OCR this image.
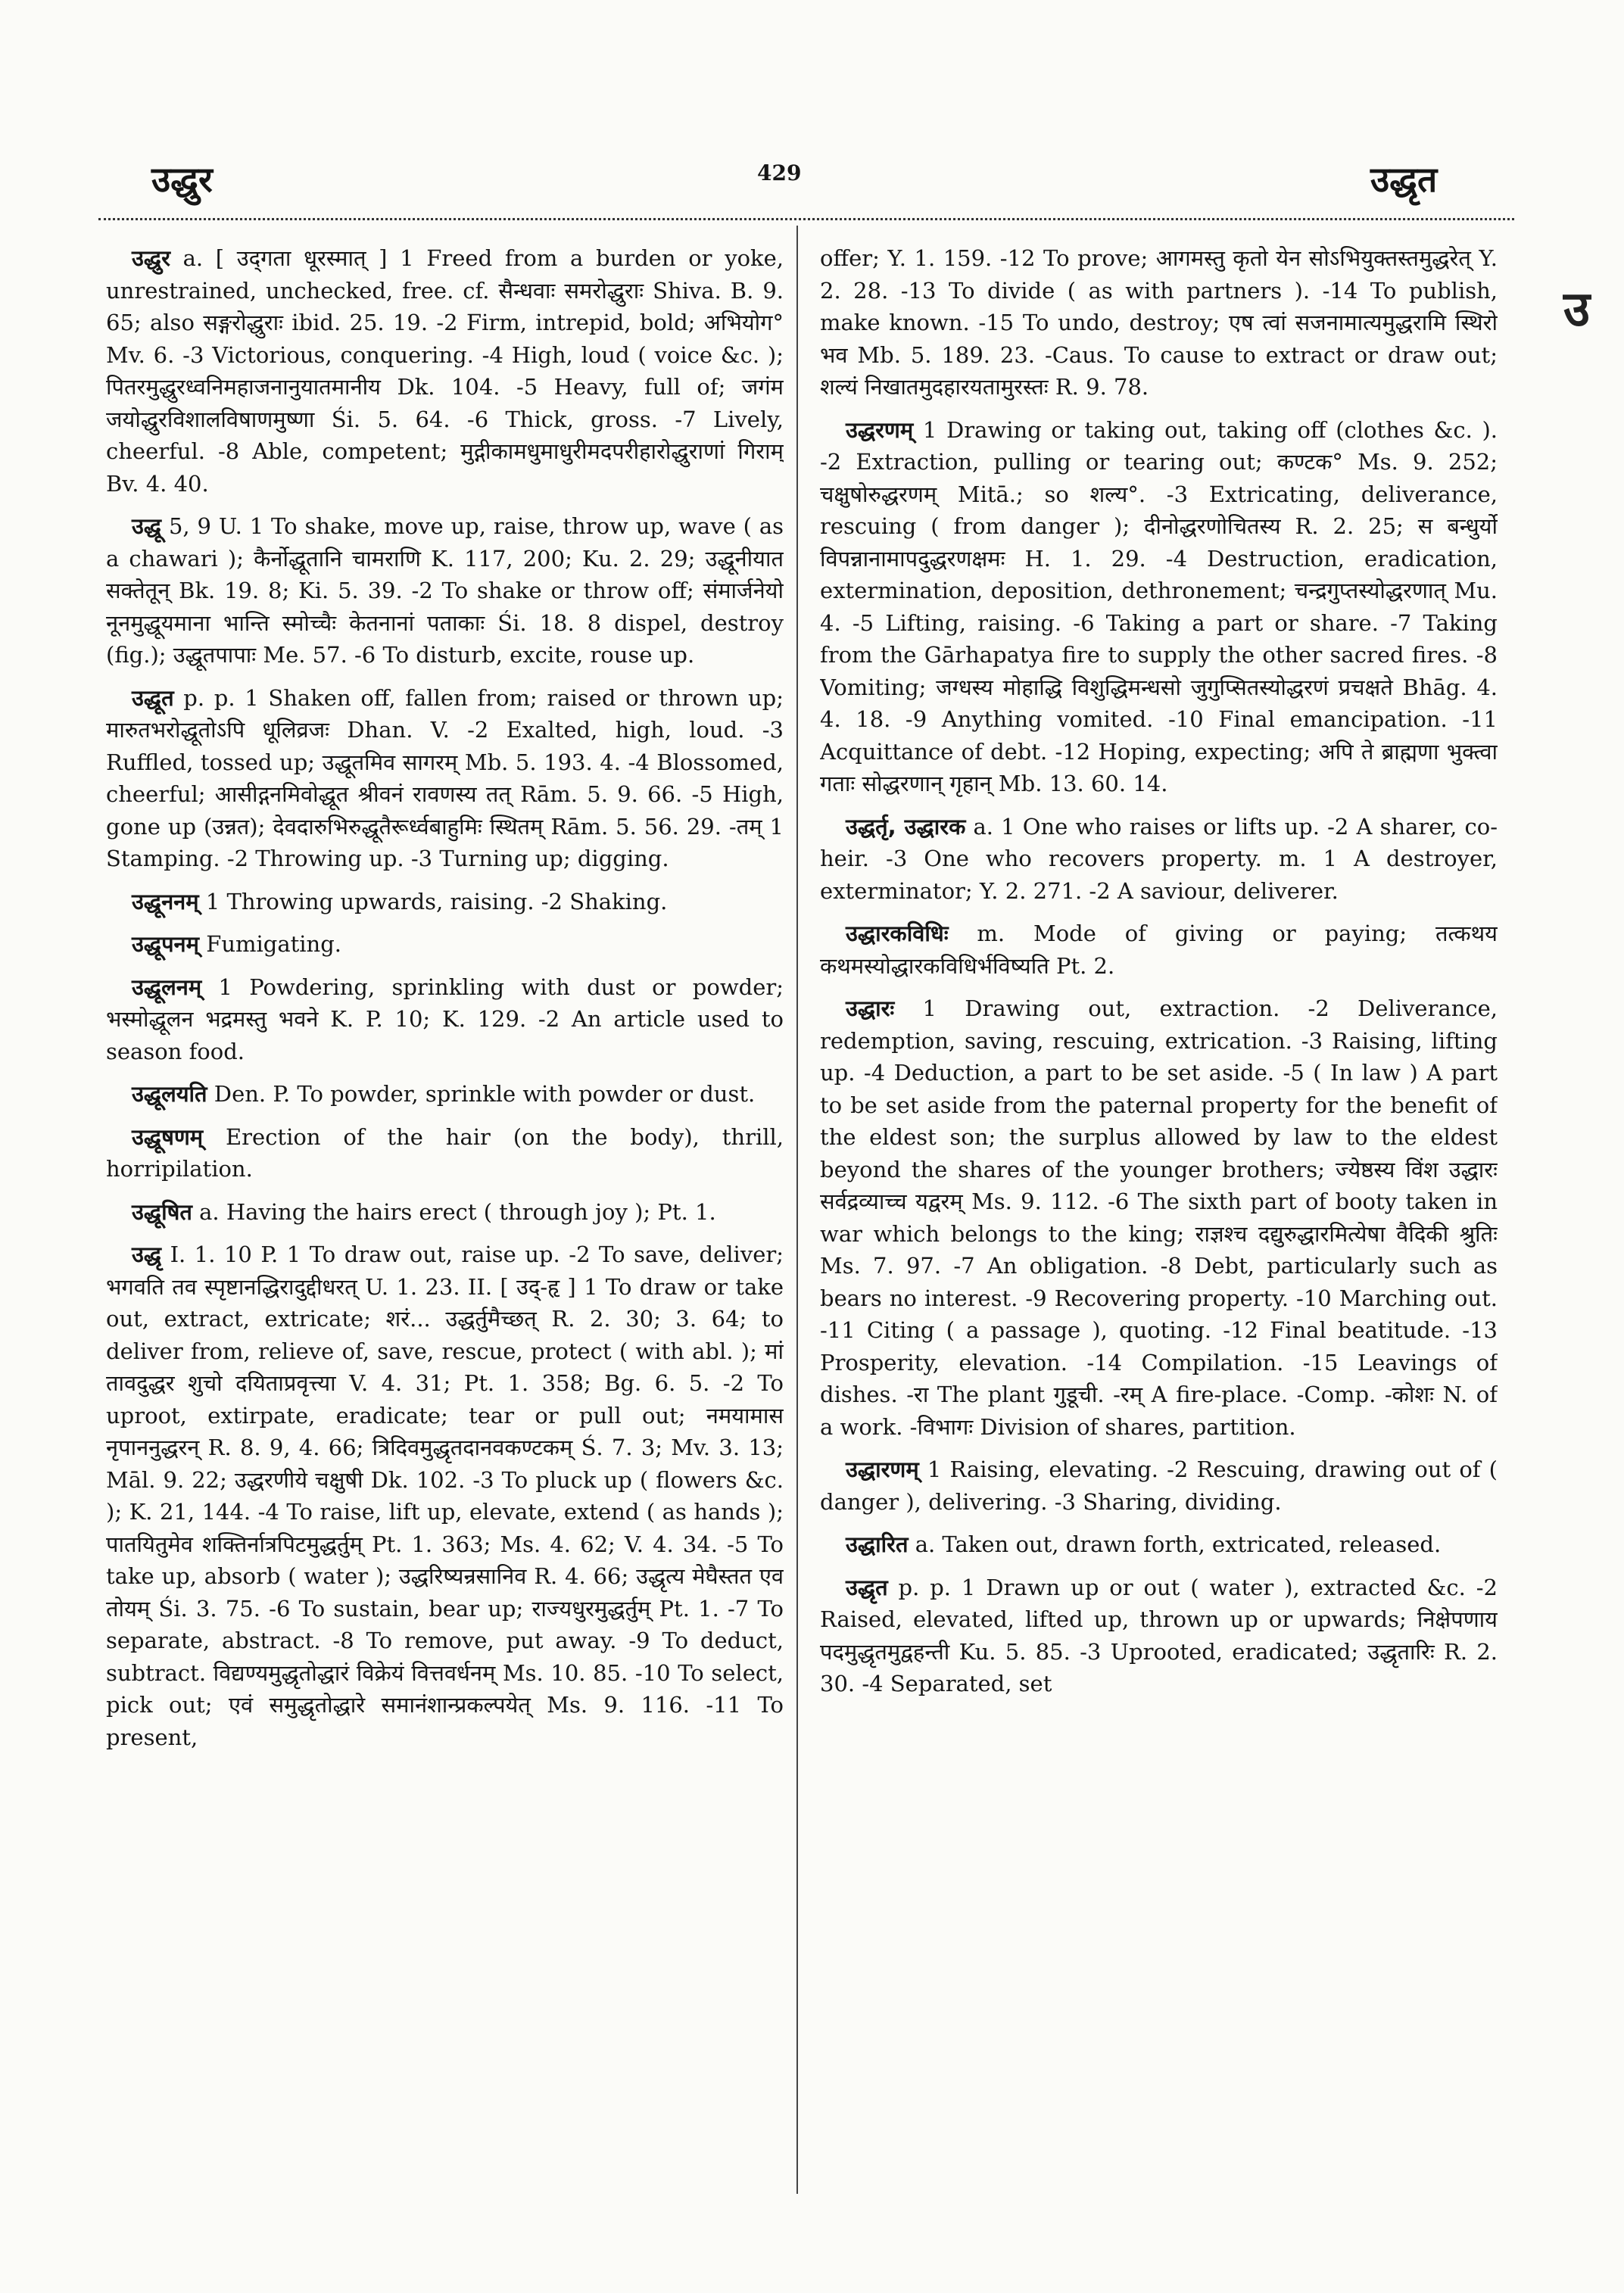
उद्धुर	429	उद्धृत
उ

उद्धुर a. [ उद्‌गता धूरस्मात् ] 1 Freed from a burden or yoke, unrestrained, unchecked, free. cf. सैन्धवाः समरोद्धुराः Shiva. B. 9. 65; also सङ्गरोद्धुराः ibid. 25. 19. -2 Firm, intrepid, bold; अभियोग° Mv. 6. -3 Victorious, conquering. -4 High, loud ( voice &c. ); पितरमुद्धुरध्वनिमहाजनानुयातमानीय Dk. 104. -5 Heavy, full of; जगंम जयोद्धुरविशालविषाणमुष्णा Śi. 5. 64. -6 Thick, gross. -7 Lively, cheerful. -8 Able, competent; मुद्गीकामधुमाधुरीमदपरीहारोद्धुराणां गिराम् Bv. 4. 40.

उद्धू 5, 9 U. 1 To shake, move up, raise, throw up, wave ( as a chawari ); कैर्नोद्धूतानि चामराणि K. 117, 200; Ku. 2. 29; उद्धूनीयात सक्तेतून् Bk. 19. 8; Ki. 5. 39. -2 To shake or throw off; संमार्जनेयो नूनमुद्धूयमाना भान्ति स्मोच्चैः केतनानां पताकाः Śi. 18. 8 dispel, destroy (fig.); उद्धूतपापाः Me. 57. -6 To disturb, excite, rouse up.

उद्धूत p. p. 1 Shaken off, fallen from; raised or thrown up; मारुतभरोद्धूतोऽपि धूलिव्रजः Dhan. V. -2 Exalted, high, loud. -3 Ruffled, tossed up; उद्धूतमिव सागरम् Mb. 5. 193. 4. -4 Blossomed, cheerful; आसीद्गनमिवोद्धूत श्रीवनं रावणस्य तत् Rām. 5. 9. 66. -5 High, gone up (उन्नत); देवदारुभिरुद्धूतैरूर्ध्वबाहुमिः स्थितम् Rām. 5. 56. 29. -तम् 1 Stamping. -2 Throwing up. -3 Turning up; digging.

उद्धूननम् 1 Throwing upwards, raising. -2 Shaking.

उद्धूपनम् Fumigating.

उद्धूलनम् 1 Powdering, sprinkling with dust or powder; भस्मोद्धूलन भद्रमस्तु भवने K. P. 10; K. 129. -2 An article used to season food.

उद्धूलयति Den. P. To powder, sprinkle with powder or dust.

उद्धूषणम् Erection of the hair (on the body), thrill, horripilation.

उद्धूषित a. Having the hairs erect ( through joy ); Pt. 1.

उद्धृ I. 1. 10 P. 1 To draw out, raise up. -2 To save, deliver; भगवति तव स्पृष्टानद्धिरादुद्दीधरत् U. 1. 23. II. [ उद्-हृ ] 1 To draw or take out, extract, extricate; शरं... उद्धर्तुमैच्छत् R. 2. 30; 3. 64; to deliver from, relieve of, save, rescue, protect ( with abl. ); मां तावदुद्धर शुचो दयिताप्रवृत्त्या V. 4. 31; Pt. 1. 358; Bg. 6. 5. -2 To uproot, extirpate, eradicate; tear or pull out; नमयामास नृपाननुद्धरन् R. 8. 9, 4. 66; त्रिदिवमुद्धृतदानवकण्टकम् Ś. 7. 3; Mv. 3. 13; Māl. 9. 22; उद्धरणीये चक्षुषी Dk. 102. -3 To pluck up ( flowers &c. ); K. 21, 144. -4 To raise, lift up, elevate, extend ( as hands ); पातयितुमेव शक्तिर्नात्रपिटमुद्धर्तुम् Pt. 1. 363; Ms. 4. 62; V. 4. 34. -5 To take up, absorb ( water ); उद्धरिष्यन्रसानिव R. 4. 66; उद्धृत्य मेघैस्तत एव तोयम् Śi. 3. 75. -6 To sustain, bear up; राज्यधुरमुद्धर्तुम् Pt. 1. -7 To separate, abstract. -8 To remove, put away. -9 To deduct, subtract. विद्यण्यमुद्धृतोद्धारं विक्रेयं वित्तवर्धनम् Ms. 10. 85. -10 To select, pick out; एवं समुद्धृतोद्धारे समानंशान्प्रकल्पयेत् Ms. 9. 116. -11 To present,

offer; Y. 1. 159. -12 To prove; आगमस्तु कृतो येन सोऽभियुक्तस्तमुद्धरेत् Y. 2. 28. -13 To divide ( as with partners ). -14 To publish, make known. -15 To undo, destroy; एष त्वां सजनामात्यमुद्धरामि स्थिरो भव Mb. 5. 189. 23. -Caus. To cause to extract or draw out; शल्यं निखातमुदहारयतामुरस्तः R. 9. 78.

उद्धरणम् 1 Drawing or taking out, taking off (clothes &c. ). -2 Extraction, pulling or tearing out; कण्टक° Ms. 9. 252; चक्षुषोरुद्धरणम् Mitā.; so शल्य°. -3 Extricating, deliverance, rescuing ( from danger ); दीनोद्धरणोचितस्य R. 2. 25; स बन्धुर्यो विपन्नानामापदुद्धरणक्षमः H. 1. 29. -4 Destruction, eradication, extermination, deposition, dethronement; चन्द्रगुप्तस्योद्धरणात् Mu. 4. -5 Lifting, raising. -6 Taking a part or share. -7 Taking from the Gārhapatya fire to supply the other sacred fires. -8 Vomiting; जग्धस्य मोहाद्धि विशुद्धिमन्धसो जुगुप्सितस्योद्धरणं प्रचक्षते Bhāg. 4. 4. 18. -9 Anything vomited. -10 Final emancipation. -11 Acquittance of debt. -12 Hoping, expecting; अपि ते ब्राह्मणा भुक्त्वा गताः सोद्धरणान् गृहान् Mb. 13. 60. 14.

उद्धर्तृ, उद्धारक a. 1 One who raises or lifts up. -2 A sharer, co-heir. -3 One who recovers property. m. 1 A destroyer, exterminator; Y. 2. 271. -2 A saviour, deliverer.

उद्धारकविधिः m. Mode of giving or paying; तत्कथय कथमस्योद्धारकविधिर्भविष्यति Pt. 2.

उद्धारः 1 Drawing out, extraction. -2 Deliverance, redemption, saving, rescuing, extrication. -3 Raising, lifting up. -4 Deduction, a part to be set aside. -5 ( In law ) A part to be set aside from the paternal property for the benefit of the eldest son; the surplus allowed by law to the eldest beyond the shares of the younger brothers; ज्येष्ठस्य विंश उद्धारः सर्वद्रव्याच्च यद्वरम् Ms. 9. 112. -6 The sixth part of booty taken in war which belongs to the king; राज्ञश्च दद्युरुद्धारमित्येषा वैदिकी श्रुतिः Ms. 7. 97. -7 An obligation. -8 Debt, particularly such as bears no interest. -9 Recovering property. -10 Marching out. -11 Citing ( a passage ), quoting. -12 Final beatitude. -13 Prosperity, elevation. -14 Compilation. -15 Leavings of dishes. -रा The plant गुडूची. -रम् A fire-place. -Comp. -कोशः N. of a work. -विभागः Division of shares, partition.

उद्धारणम् 1 Raising, elevating. -2 Rescuing, drawing out of ( danger ), delivering. -3 Sharing, dividing.

उद्धारित a. Taken out, drawn forth, extricated, released.

उद्धृत p. p. 1 Drawn up or out ( water ), extracted &c. -2 Raised, elevated, lifted up, thrown up or upwards; निक्षेपणाय पदमुद्धृतमुद्वहन्ती Ku. 5. 85. -3 Uprooted, eradicated; उद्धृतारिः R. 2. 30. -4 Separated, set
